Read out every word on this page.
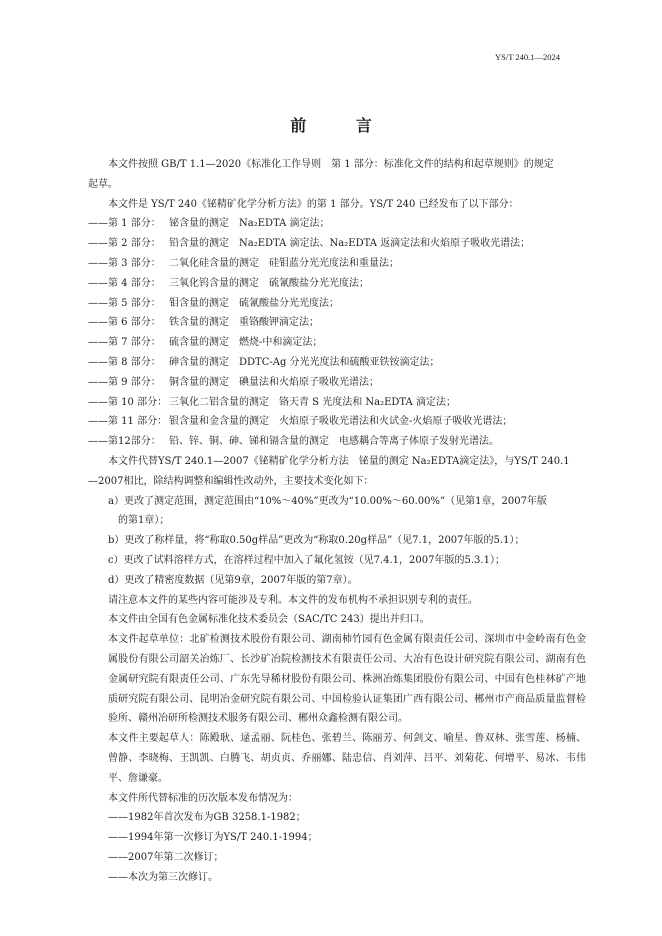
YS/T 240.1—2024
前 言
本文件按照 GB/T 1.1—2020《标准化工作导则　第 1 部分：标准化文件的结构和起草规则》的规定
起草。
本文件是 YS/T 240《铋精矿化学分析方法》的第 1 部分。YS/T 240 已经发布了以下部分：
——第 1 部分： 铋含量的测定　Na₂EDTA 滴定法；
——第 2 部分： 铅含量的测定　Na₂EDTA 滴定法、Na₂EDTA 返滴定法和火焰原子吸收光谱法；
——第 3 部分： 二氧化硅含量的测定　硅钼蓝分光光度法和重量法；
——第 4 部分： 三氧化钨含量的测定　硫氰酸盐分光光度法；
——第 5 部分： 钼含量的测定　硫氰酸盐分光光度法；
——第 6 部分： 铁含量的测定　重铬酸钾滴定法；
——第 7 部分： 硫含量的测定　燃烧-中和滴定法；
——第 8 部分： 砷含量的测定　DDTC-Ag 分光光度法和硫酸亚铁铵滴定法；
——第 9 部分： 铜含量的测定　碘量法和火焰原子吸收光谱法；
——第 10 部分： 三氧化二铝含量的测定　铬天青 S 光度法和 Na₂EDTA 滴定法；
——第 11 部分： 银含量和金含量的测定　火焰原子吸收光谱法和火试金-火焰原子吸收光谱法；
——第12部分： 铅、锌、铜、砷、锑和镉含量的测定　电感耦合等离子体原子发射光谱法。
本文件代替YS/T 240.1—2007《铋精矿化学分析方法　铋量的测定 Na₂EDTA滴定法》，与YS/T 240.1
—2007相比，除结构调整和编辑性改动外，主要技术变化如下：
a）更改了测定范围，测定范围由“10%～40%”更改为“10.00%～60.00%”（见第1章，2007年版
的第1章）；
b）更改了称样量，将“称取0.50g样品”更改为“称取0.20g样品”（见7.1，2007年版的5.1）；
c）更改了试料溶样方式，在溶样过程中加入了氟化氢铵（见7.4.1，2007年版的5.3.1）；
d）更改了精密度数据（见第9章，2007年版的第7章）。
请注意本文件的某些内容可能涉及专利。本文件的发布机构不承担识别专利的责任。
本文件由全国有色金属标准化技术委员会（SAC/TC 243）提出并归口。
本文件起草单位：北矿检测技术股份有限公司、湖南柿竹园有色金属有限责任公司、深圳市中金岭南有色金属股份有限公司韶关冶炼厂、长沙矿冶院检测技术有限责任公司、大冶有色设计研究院有限公司、湖南有色金属研究院有限责任公司、广东先导稀材股份有限公司、株洲冶炼集团股份有限公司、中国有色桂林矿产地质研究院有限公司、昆明冶金研究院有限公司、中国检验认证集团广西有限公司、郴州市产商品质量监督检验所、赣州冶研所检测技术服务有限公司、郴州众鑫检测有限公司。
本文件主要起草人：陈殿耿、逯孟丽、阮桂色、张碧兰、陈丽芳、何剑文、喻星、鲁双林、张雪莲、杨楠、曾静、李晓梅、王凯凯、白腾飞、胡贞贞、乔丽娜、陆忠信、肖刘萍、吕平、刘菊花、何增平、易冰、韦伟平、詹谦豪。
本文件所代替标准的历次版本发布情况为：
——1982年首次发布为GB 3258.1-1982；
——1994年第一次修订为YS/T 240.1-1994；
——2007年第二次修订；
——本次为第三次修订。
